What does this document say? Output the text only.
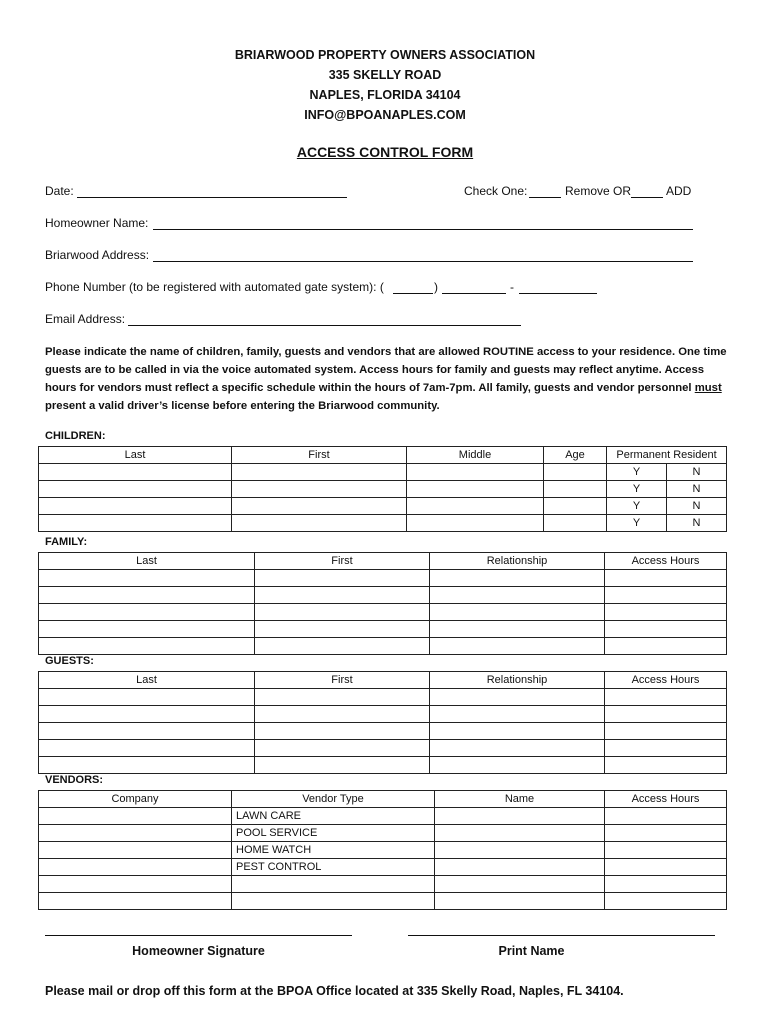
BRIARWOOD PROPERTY OWNERS ASSOCIATION
335 SKELLY ROAD
NAPLES, FLORIDA 34104
INFO@BPOANAPLES.COM
ACCESS CONTROL FORM
Date:	Check One:	Remove OR	ADD
Homeowner Name:
Briarwood Address:
Phone Number (to be registered with automated gate system): (	)	-
Email Address:
Please indicate the name of children, family, guests and vendors that are allowed ROUTINE access to your residence. One time guests are to be called in via the voice automated system. Access hours for family and guests may reflect anytime. Access hours for vendors must reflect a specific schedule within the hours of 7am-7pm. All family, guests and vendor personnel must present a valid driver’s license before entering the Briarwood community.
CHILDREN:
Last	First	Middle	Age	Permanent Resident	
				Y	N
				Y	N
				Y	N
				Y	N
FAMILY:
Last	First	Relationship	Access Hours

GUESTS:
Last	First	Relationship	Access Hours

VENDORS:
Company	Vendor Type	Name	Access Hours
	LAWN CARE		
	POOL SERVICE		
	HOME WATCH		
	PEST CONTROL		

Homeowner Signature	Print Name
Please mail or drop off this form at the BPOA Office located at 335 Skelly Road, Naples, FL 34104.
